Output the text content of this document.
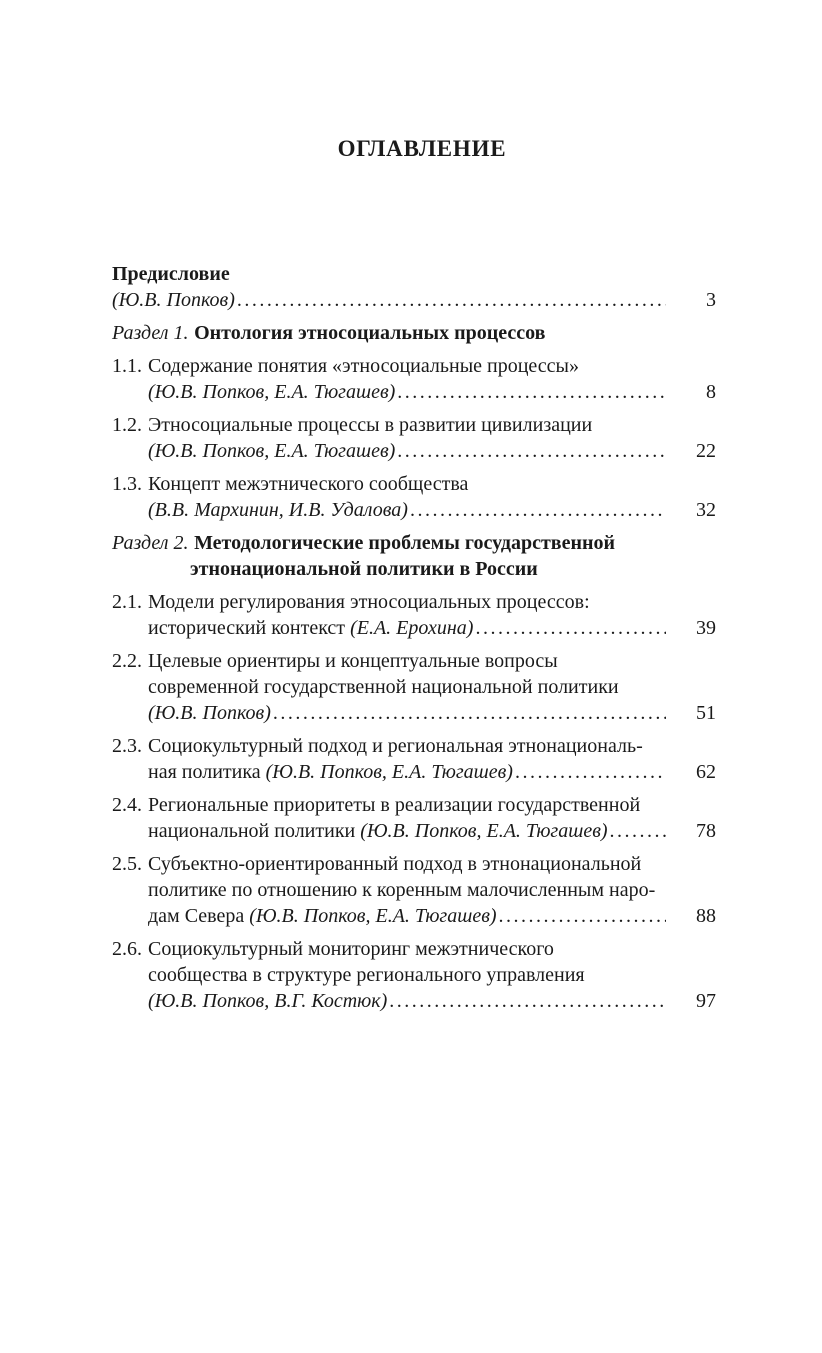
ОГЛАВЛЕНИЕ
Предисловие
(Ю.В. Попков) .....	3
Раздел 1. Онтология этносоциальных процессов
1.1. Содержание понятия «этносоциальные процессы»
(Ю.В. Попков, Е.А. Тюгашев) .....	8
1.2. Этносоциальные процессы в развитии цивилизации
(Ю.В. Попков, Е.А. Тюгашев) .....	22
1.3. Концепт межэтнического сообщества
(В.В. Мархинин, И.В. Удалова) .....	32
Раздел 2. Методологические проблемы государственной
этнонациональной политики в России
2.1. Модели регулирования этносоциальных процессов:
исторический контекст (Е.А. Ерохина) .....	39
2.2. Целевые ориентиры и концептуальные вопросы
современной государственной национальной политики
(Ю.В. Попков) .....	51
2.3. Социокультурный подход и региональная этнонациональ-
ная политика (Ю.В. Попков, Е.А. Тюгашев) .....	62
2.4. Региональные приоритеты в реализации государственной
национальной политики (Ю.В. Попков, Е.А. Тюгашев) .....	78
2.5. Субъектно-ориентированный подход в этнонациональной
политике по отношению к коренным малочисленным наро-
дам Севера (Ю.В. Попков, Е.А. Тюгашев) .....	88
2.6. Социокультурный мониторинг межэтнического
сообщества в структуре регионального управления
(Ю.В. Попков, В.Г. Костюк) .....	97
